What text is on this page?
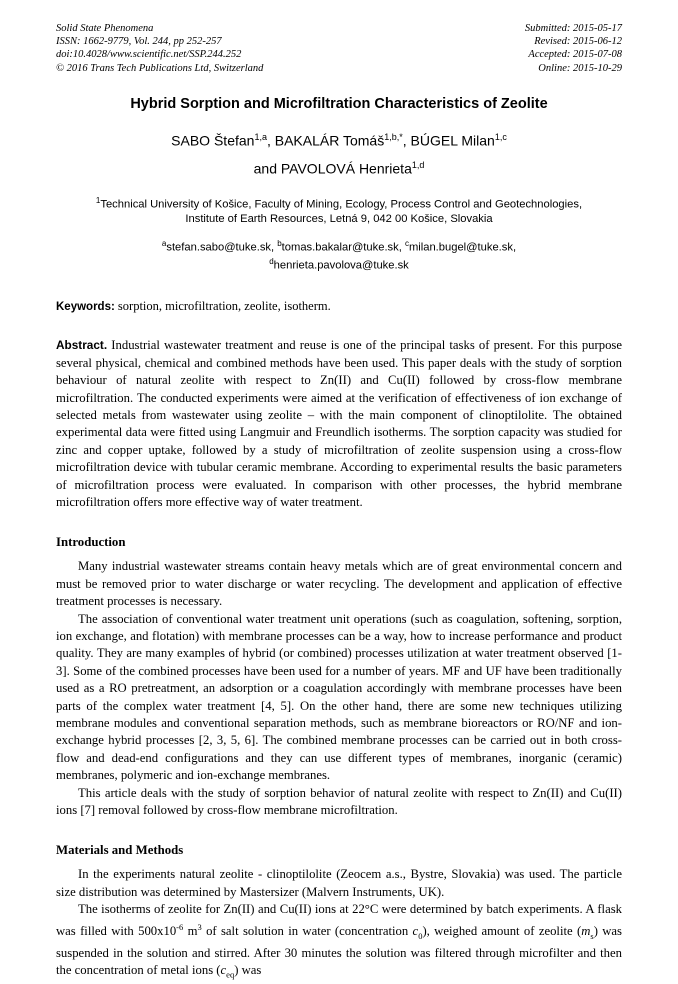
Solid State Phenomena
ISSN: 1662-9779, Vol. 244, pp 252-257
doi:10.4028/www.scientific.net/SSP.244.252
© 2016 Trans Tech Publications Ltd, Switzerland
Submitted: 2015-05-17
Revised: 2015-06-12
Accepted: 2015-07-08
Online: 2015-10-29
Hybrid Sorption and Microfiltration Characteristics of Zeolite
SABO Štefan$^{1,a}$, BAKALÁR Tomáš$^{1,b,*}$, BÚGEL Milan$^{1,c}$
and PAVOLOVÁ Henrieta$^{1,d}$
$^1$Technical University of Košice, Faculty of Mining, Ecology, Process Control and Geotechnologies,
Institute of Earth Resources, Letná 9, 042 00 Košice, Slovakia
$^a$stefan.sabo@tuke.sk, $^b$tomas.bakalar@tuke.sk, $^c$milan.bugel@tuke.sk,
$^d$henrieta.pavolova@tuke.sk
Keywords: sorption, microfiltration, zeolite, isotherm.
Abstract. Industrial wastewater treatment and reuse is one of the principal tasks of present. For this purpose several physical, chemical and combined methods have been used. This paper deals with the study of sorption behaviour of natural zeolite with respect to Zn(II) and Cu(II) followed by cross-flow membrane microfiltration. The conducted experiments were aimed at the verification of effectiveness of ion exchange of selected metals from wastewater using zeolite – with the main component of clinoptilolite. The obtained experimental data were fitted using Langmuir and Freundlich isotherms. The sorption capacity was studied for zinc and copper uptake, followed by a study of microfiltration of zeolite suspension using a cross-flow microfiltration device with tubular ceramic membrane. According to experimental results the basic parameters of microfiltration process were evaluated. In comparison with other processes, the hybrid membrane microfiltration offers more effective way of water treatment.
Introduction

Many industrial wastewater streams contain heavy metals which are of great environmental concern and must be removed prior to water discharge or water recycling. The development and application of effective treatment processes is necessary.

The association of conventional water treatment unit operations (such as coagulation, softening, sorption, ion exchange, and flotation) with membrane processes can be a way, how to increase performance and product quality. They are many examples of hybrid (or combined) processes utilization at water treatment observed [1-3]. Some of the combined processes have been used for a number of years. MF and UF have been traditionally used as a RO pretreatment, an adsorption or a coagulation accordingly with membrane processes have been parts of the complex water treatment [4, 5]. On the other hand, there are some new techniques utilizing membrane modules and conventional separation methods, such as membrane bioreactors or RO/NF and ion-exchange hybrid processes [2, 3, 5, 6]. The combined membrane processes can be carried out in both cross-flow and dead-end configurations and they can use different types of membranes, inorganic (ceramic) membranes, polymeric and ion-exchange membranes.

This article deals with the study of sorption behavior of natural zeolite with respect to Zn(II) and Cu(II) ions [7] removal followed by cross-flow membrane microfiltration.

Materials and Methods

In the experiments natural zeolite - clinoptilolite (Zeocem a.s., Bystre, Slovakia) was used. The particle size distribution was determined by Mastersizer (Malvern Instruments, UK).

The isotherms of zeolite for Zn(II) and Cu(II) ions at 22°C were determined by batch experiments. A flask was filled with $500x10^{-6}$ $m^3$ of salt solution in water (concentration $c_0$), weighed amount of zeolite $(m_s)$ was suspended in the solution and stirred. After 30 minutes the solution was filtered through microfilter and then the concentration of metal ions $(c_{eq})$ was
